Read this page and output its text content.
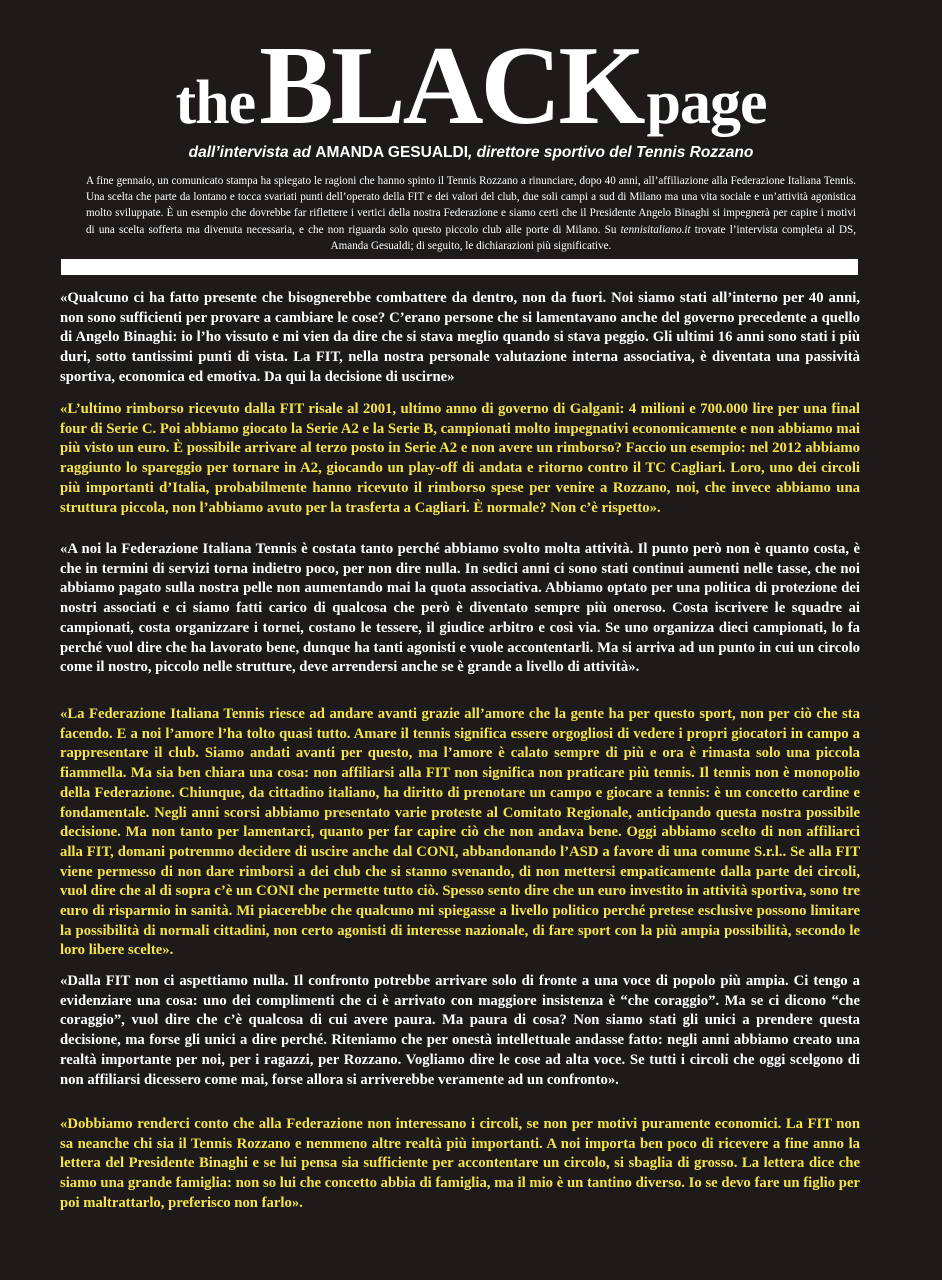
theBLACKpage
dall’intervista ad AMANDA GESUALDI, direttore sportivo del Tennis Rozzano
A fine gennaio, un comunicato stampa ha spiegato le ragioni che hanno spinto il Tennis Rozzano a rinunciare, dopo 40 anni, all’affiliazione alla Federazione Italiana Tennis. Una scelta che parte da lontano e tocca svariati punti dell’operato della FIT e dei valori del club, due soli campi a sud di Milano ma una vita sociale e un’attività agonistica molto sviluppate. È un esempio che dovrebbe far riflettere i vertici della nostra Federazione e siamo certi che il Presidente Angelo Binaghi si impegnerà per capire i motivi di una scelta sofferta ma divenuta necessaria, e che non riguarda solo questo piccolo club alle porte di Milano. Su tennisitaliano.it trovate l’intervista completa al DS, Amanda Gesualdi; di seguito, le dichiarazioni più significative.

«Qualcuno ci ha fatto presente che bisognerebbe combattere da dentro, non da fuori. Noi siamo stati all’interno per 40 anni, non sono sufficienti per provare a cambiare le cose? C’erano persone che si lamentavano anche del governo precedente a quello di Angelo Binaghi: io l’ho vissuto e mi vien da dire che si stava meglio quando si stava peggio. Gli ultimi 16 anni sono stati i più duri, sotto tantissimi punti di vista. La FIT, nella nostra personale valutazione interna associativa, è diventata una passività sportiva, economica ed emotiva. Da qui la decisione di uscirne»

«L’ultimo rimborso ricevuto dalla FIT risale al 2001, ultimo anno di governo di Galgani: 4 milioni e 700.000 lire per una final four di Serie C. Poi abbiamo giocato la Serie A2 e la Serie B, campionati molto impegnativi economicamente e non abbiamo mai più visto un euro. È possibile arrivare al terzo posto in Serie A2 e non avere un rimborso? Faccio un esempio: nel 2012 abbiamo raggiunto lo spareggio per tornare in A2, giocando un play-off di andata e ritorno contro il TC Cagliari. Loro, uno dei circoli più importanti d’Italia, probabilmente hanno ricevuto il rimborso spese per venire a Rozzano, noi, che invece abbiamo una struttura piccola, non l’abbiamo avuto per la trasferta a Cagliari. È normale? Non c’è rispetto».

«A noi la Federazione Italiana Tennis è costata tanto perché abbiamo svolto molta attività. Il punto però non è quanto costa, è che in termini di servizi torna indietro poco, per non dire nulla. In sedici anni ci sono stati continui aumenti nelle tasse, che noi abbiamo pagato sulla nostra pelle non aumentando mai la quota associativa. Abbiamo optato per una politica di protezione dei nostri associati e ci siamo fatti carico di qualcosa che però è diventato sempre più oneroso. Costa iscrivere le squadre ai campionati, costa organizzare i tornei, costano le tessere, il giudice arbitro e così via. Se uno organizza dieci campionati, lo fa perché vuol dire che ha lavorato bene, dunque ha tanti agonisti e vuole accontentarli. Ma si arriva ad un punto in cui un circolo come il nostro, piccolo nelle strutture, deve arrendersi anche se è grande a livello di attività».

«La Federazione Italiana Tennis riesce ad andare avanti grazie all’amore che la gente ha per questo sport, non per ciò che sta facendo. E a noi l’amore l’ha tolto quasi tutto. Amare il tennis significa essere orgogliosi di vedere i propri giocatori in campo a rappresentare il club. Siamo andati avanti per questo, ma l’amore è calato sempre di più e ora è rimasta solo una piccola fiammella. Ma sia ben chiara una cosa: non affiliarsi alla FIT non significa non praticare più tennis. Il tennis non è monopolio della Federazione. Chiunque, da cittadino italiano, ha diritto di prenotare un campo e giocare a tennis: è un concetto cardine e fondamentale. Negli anni scorsi abbiamo presentato varie proteste al Comitato Regionale, anticipando questa nostra possibile decisione. Ma non tanto per lamentarci, quanto per far capire ciò che non andava bene. Oggi abbiamo scelto di non affiliarci alla FIT, domani potremmo decidere di uscire anche dal CONI, abbandonando l’ASD a favore di una comune S.r.l.. Se alla FIT viene permesso di non dare rimborsi a dei club che si stanno svenando, di non mettersi empaticamente dalla parte dei circoli, vuol dire che al di sopra c’è un CONI che permette tutto ciò. Spesso sento dire che un euro investito in attività sportiva, sono tre euro di risparmio in sanità. Mi piacerebbe che qualcuno mi spiegasse a livello politico perché pretese esclusive possono limitare la possibilità di normali cittadini, non certo agonisti di interesse nazionale, di fare sport con la più ampia possibilità, secondo le loro libere scelte».

«Dalla FIT non ci aspettiamo nulla. Il confronto potrebbe arrivare solo di fronte a una voce di popolo più ampia. Ci tengo a evidenziare una cosa: uno dei complimenti che ci è arrivato con maggiore insistenza è “che coraggio”. Ma se ci dicono “che coraggio”, vuol dire che c’è qualcosa di cui avere paura. Ma paura di cosa? Non siamo stati gli unici a prendere questa decisione, ma forse gli unici a dire perché. Riteniamo che per onestà intellettuale andasse fatto: negli anni abbiamo creato una realtà importante per noi, per i ragazzi, per Rozzano. Vogliamo dire le cose ad alta voce. Se tutti i circoli che oggi scelgono di non affiliarsi dicessero come mai, forse allora si arriverebbe veramente ad un confronto».

«Dobbiamo renderci conto che alla Federazione non interessano i circoli, se non per motivi puramente economici. La FIT non sa neanche chi sia il Tennis Rozzano e nemmeno altre realtà più importanti. A noi importa ben poco di ricevere a fine anno la lettera del Presidente Binaghi e se lui pensa sia sufficiente per accontentare un circolo, si sbaglia di grosso. La lettera dice che siamo una grande famiglia: non so lui che concetto abbia di famiglia, ma il mio è un tantino diverso. Io se devo fare un figlio per poi maltrattarlo, preferisco non farlo».
